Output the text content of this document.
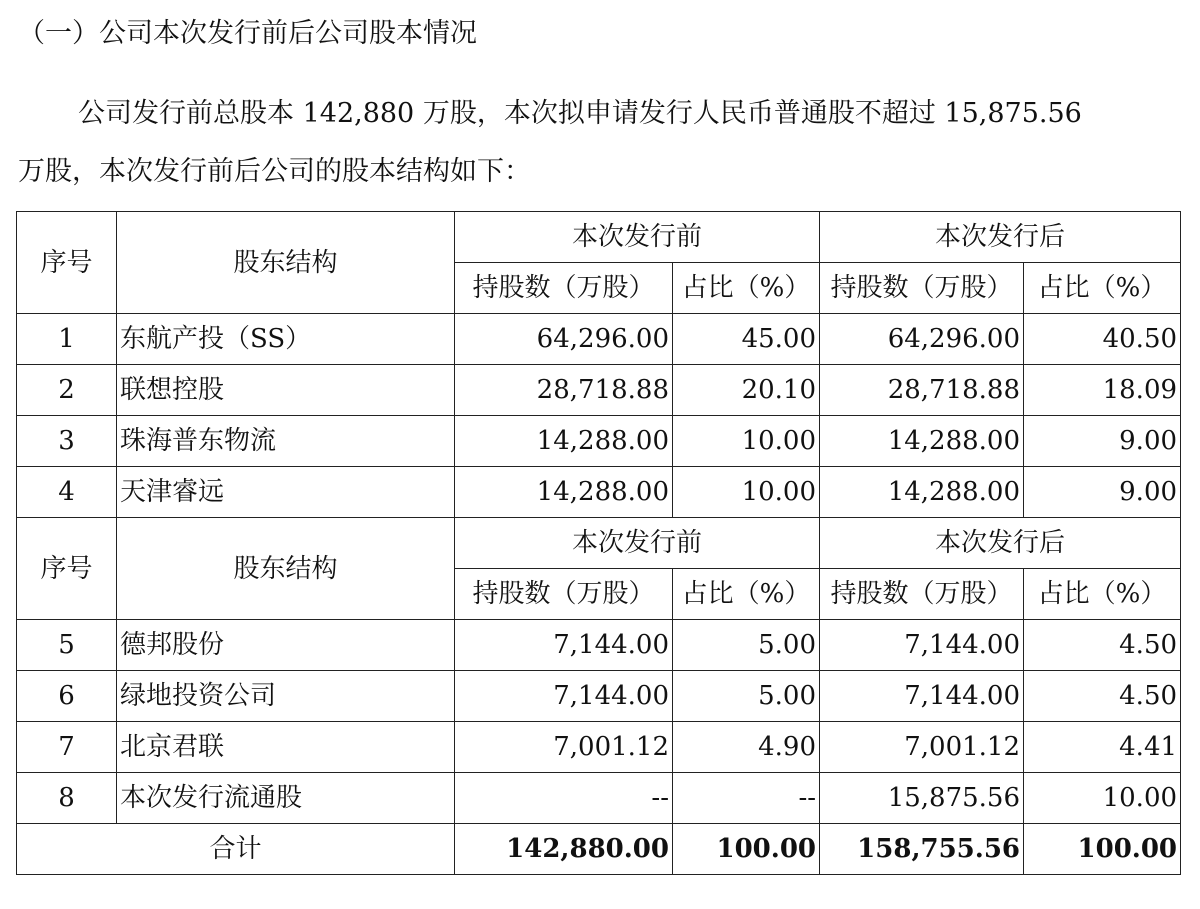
（一）公司本次发行前后公司股本情况
公司发行前总股本 142,880 万股，本次拟申请发行人民币普通股不超过 15,875.56
万股，本次发行前后公司的股本结构如下：
序号	股东结构	本次发行前		本次发行后	
		持股数（万股）	占比（%）	持股数（万股）	占比（%）
1	东航产投（SS）	64,296.00	45.00	64,296.00	40.50
2	联想控股	28,718.88	20.10	28,718.88	18.09
3	珠海普东物流	14,288.00	10.00	14,288.00	9.00
4	天津睿远	14,288.00	10.00	14,288.00	9.00
序号	股东结构	本次发行前		本次发行后	
		持股数（万股）	占比（%）	持股数（万股）	占比（%）
5	德邦股份	7,144.00	5.00	7,144.00	4.50
6	绿地投资公司	7,144.00	5.00	7,144.00	4.50
7	北京君联	7,001.12	4.90	7,001.12	4.41
8	本次发行流通股	--	--	15,875.56	10.00
合计		142,880.00	100.00	158,755.56	100.00
